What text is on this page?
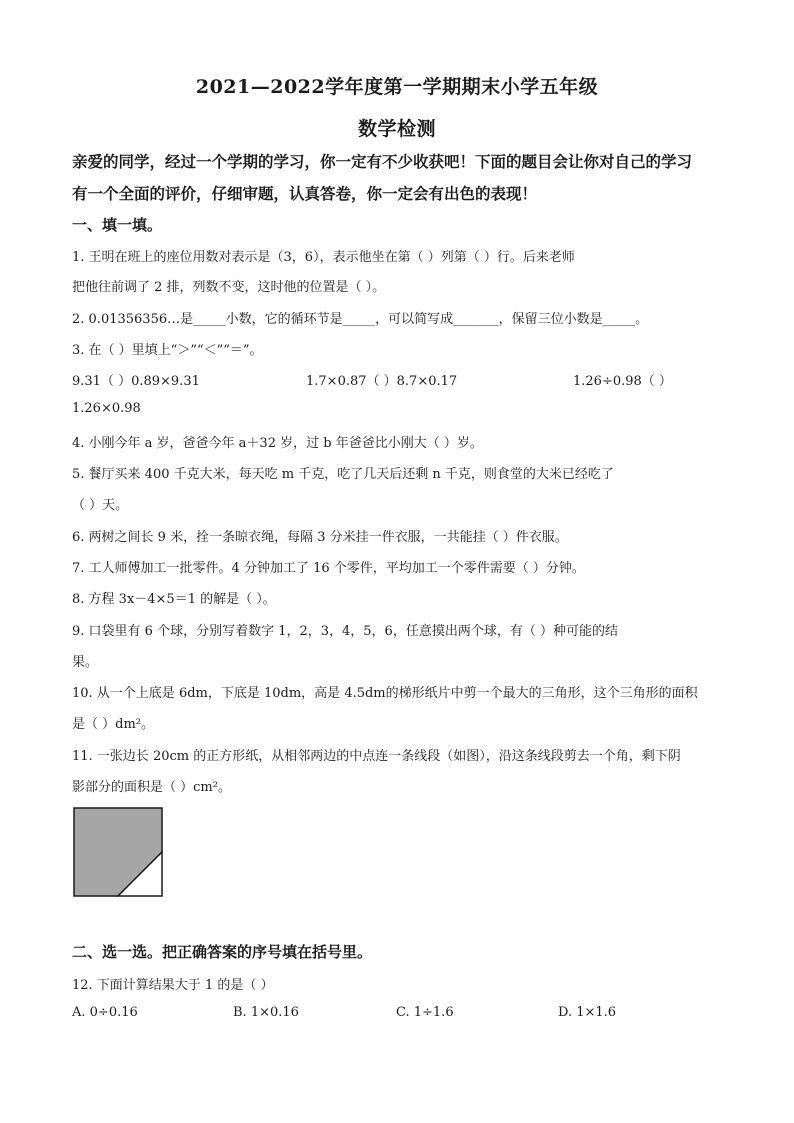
2021—2022学年度第一学期期末小学五年级
数学检测
亲爱的同学，经过一个学期的学习，你一定有不少收获吧！下面的题目会让你对自己的学习
有一个全面的评价，仔细审题，认真答卷，你一定会有出色的表现！
一、填一填。
1. 王明在班上的座位用数对表示是（3，6），表示他坐在第（ ）列第（ ）行。后来老师
把他往前调了 2 排，列数不变，这时他的位置是（ ）。
2. 0.01356356…是_____小数，它的循环节是_____，可以简写成_______，保留三位小数是_____。
3. 在（ ）里填上“＞”“＜”“＝”。
9.31（ ）0.89×9.31	1.7×0.87（ ）8.7×0.17	1.26÷0.98（ ）
1.26×0.98
4. 小刚今年 a 岁，爸爸今年 a＋32 岁，过 b 年爸爸比小刚大（ ）岁。
5. 餐厅买来 400 千克大米，每天吃 m 千克，吃了几天后还剩 n 千克，则食堂的大米已经吃了
（ ）天。
6. 两树之间长 9 米，拴一条晾衣绳，每隔 3 分米挂一件衣服，一共能挂（ ）件衣服。
7. 工人师傅加工一批零件。4 分钟加工了 16 个零件，平均加工一个零件需要（ ）分钟。
8. 方程 3x－4×5＝1 的解是（ ）。
9. 口袋里有 6 个球，分别写着数字 1，2，3，4，5，6，任意摸出两个球，有（ ）种可能的结
果。
10. 从一个上底是 6dm，下底是 10dm，高是 4.5dm的梯形纸片中剪一个最大的三角形，这个三角形的面积
是（ ）dm²。
11. 一张边长 20cm 的正方形纸，从相邻两边的中点连一条线段（如图），沿这条线段剪去一个角，剩下阴
影部分的面积是（ ）cm²。
二、选一选。把正确答案的序号填在括号里。
12. 下面计算结果大于 1 的是（ ）
A. 0÷0.16	B. 1×0.16	C. 1÷1.6	D. 1×1.6
